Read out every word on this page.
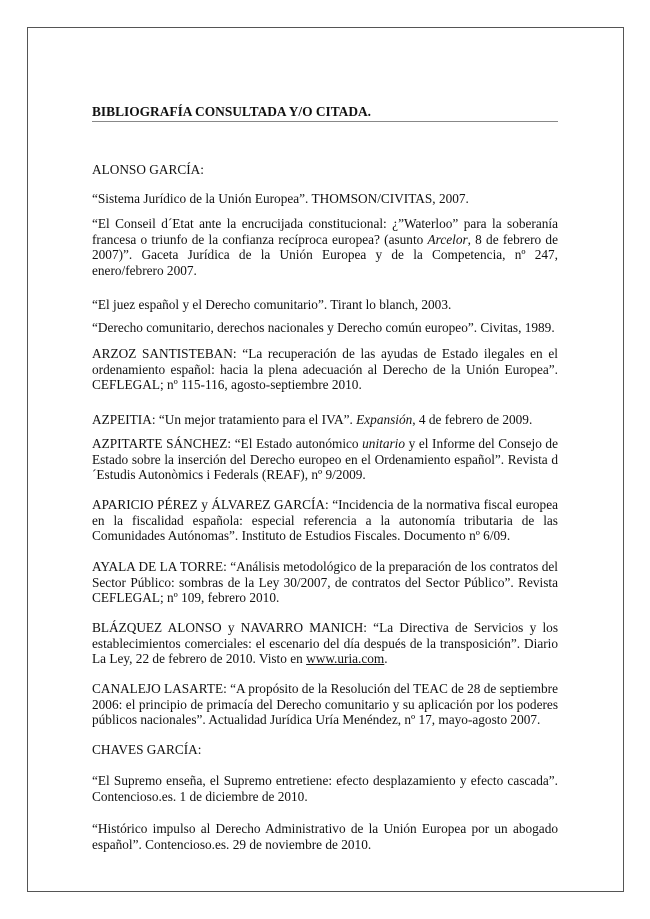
BIBLIOGRAFÍA CONSULTADA Y/O CITADA.

ALONSO GARCÍA:

“Sistema Jurídico de la Unión Europea”. THOMSON/CIVITAS, 2007.

“El Conseil d´Etat ante la encrucijada constitucional: ¿”Waterloo” para la soberanía francesa o triunfo de la confianza recíproca europea? (asunto Arcelor, 8 de febrero de 2007)”. Gaceta Jurídica de la Unión Europea y de la Competencia, nº 247, enero/febrero 2007.

“El juez español y el Derecho comunitario”. Tirant lo blanch, 2003.

“Derecho comunitario, derechos nacionales y Derecho común europeo”. Civitas, 1989.

ARZOZ SANTISTEBAN: “La recuperación de las ayudas de Estado ilegales en el ordenamiento español: hacia la plena adecuación al Derecho de la Unión Europea”. CEFLEGAL; nº 115-116, agosto-septiembre 2010.

AZPEITIA: “Un mejor tratamiento para el IVA”. Expansión, 4 de febrero de 2009.

AZPITARTE SÁNCHEZ: “El Estado autonómico unitario y el Informe del Consejo de Estado sobre la inserción del Derecho europeo en el Ordenamiento español”. Revista d´Estudis Autonòmics i Federals (REAF), nº 9/2009.

APARICIO PÉREZ y ÁLVAREZ GARCÍA: “Incidencia de la normativa fiscal europea en la fiscalidad española: especial referencia a la autonomía tributaria de las Comunidades Autónomas”. Instituto de Estudios Fiscales. Documento nº 6/09.

AYALA DE LA TORRE: “Análisis metodológico de la preparación de los contratos del Sector Público: sombras de la Ley 30/2007, de contratos del Sector Público”. Revista CEFLEGAL; nº 109, febrero 2010.

BLÁZQUEZ ALONSO y NAVARRO MANICH: “La Directiva de Servicios y los establecimientos comerciales: el escenario del día después de la transposición”. Diario La Ley, 22 de febrero de 2010. Visto en www.uria.com.

CANALEJO LASARTE: “A propósito de la Resolución del TEAC de 28 de septiembre 2006: el principio de primacía del Derecho comunitario y su aplicación por los poderes públicos nacionales”. Actualidad Jurídica Uría Menéndez, nº 17, mayo-agosto 2007.

CHAVES GARCÍA:

“El Supremo enseña, el Supremo entretiene: efecto desplazamiento y efecto cascada”. Contencioso.es. 1 de diciembre de 2010.

“Histórico impulso al Derecho Administrativo de la Unión Europea por un abogado español”. Contencioso.es. 29 de noviembre de 2010.
